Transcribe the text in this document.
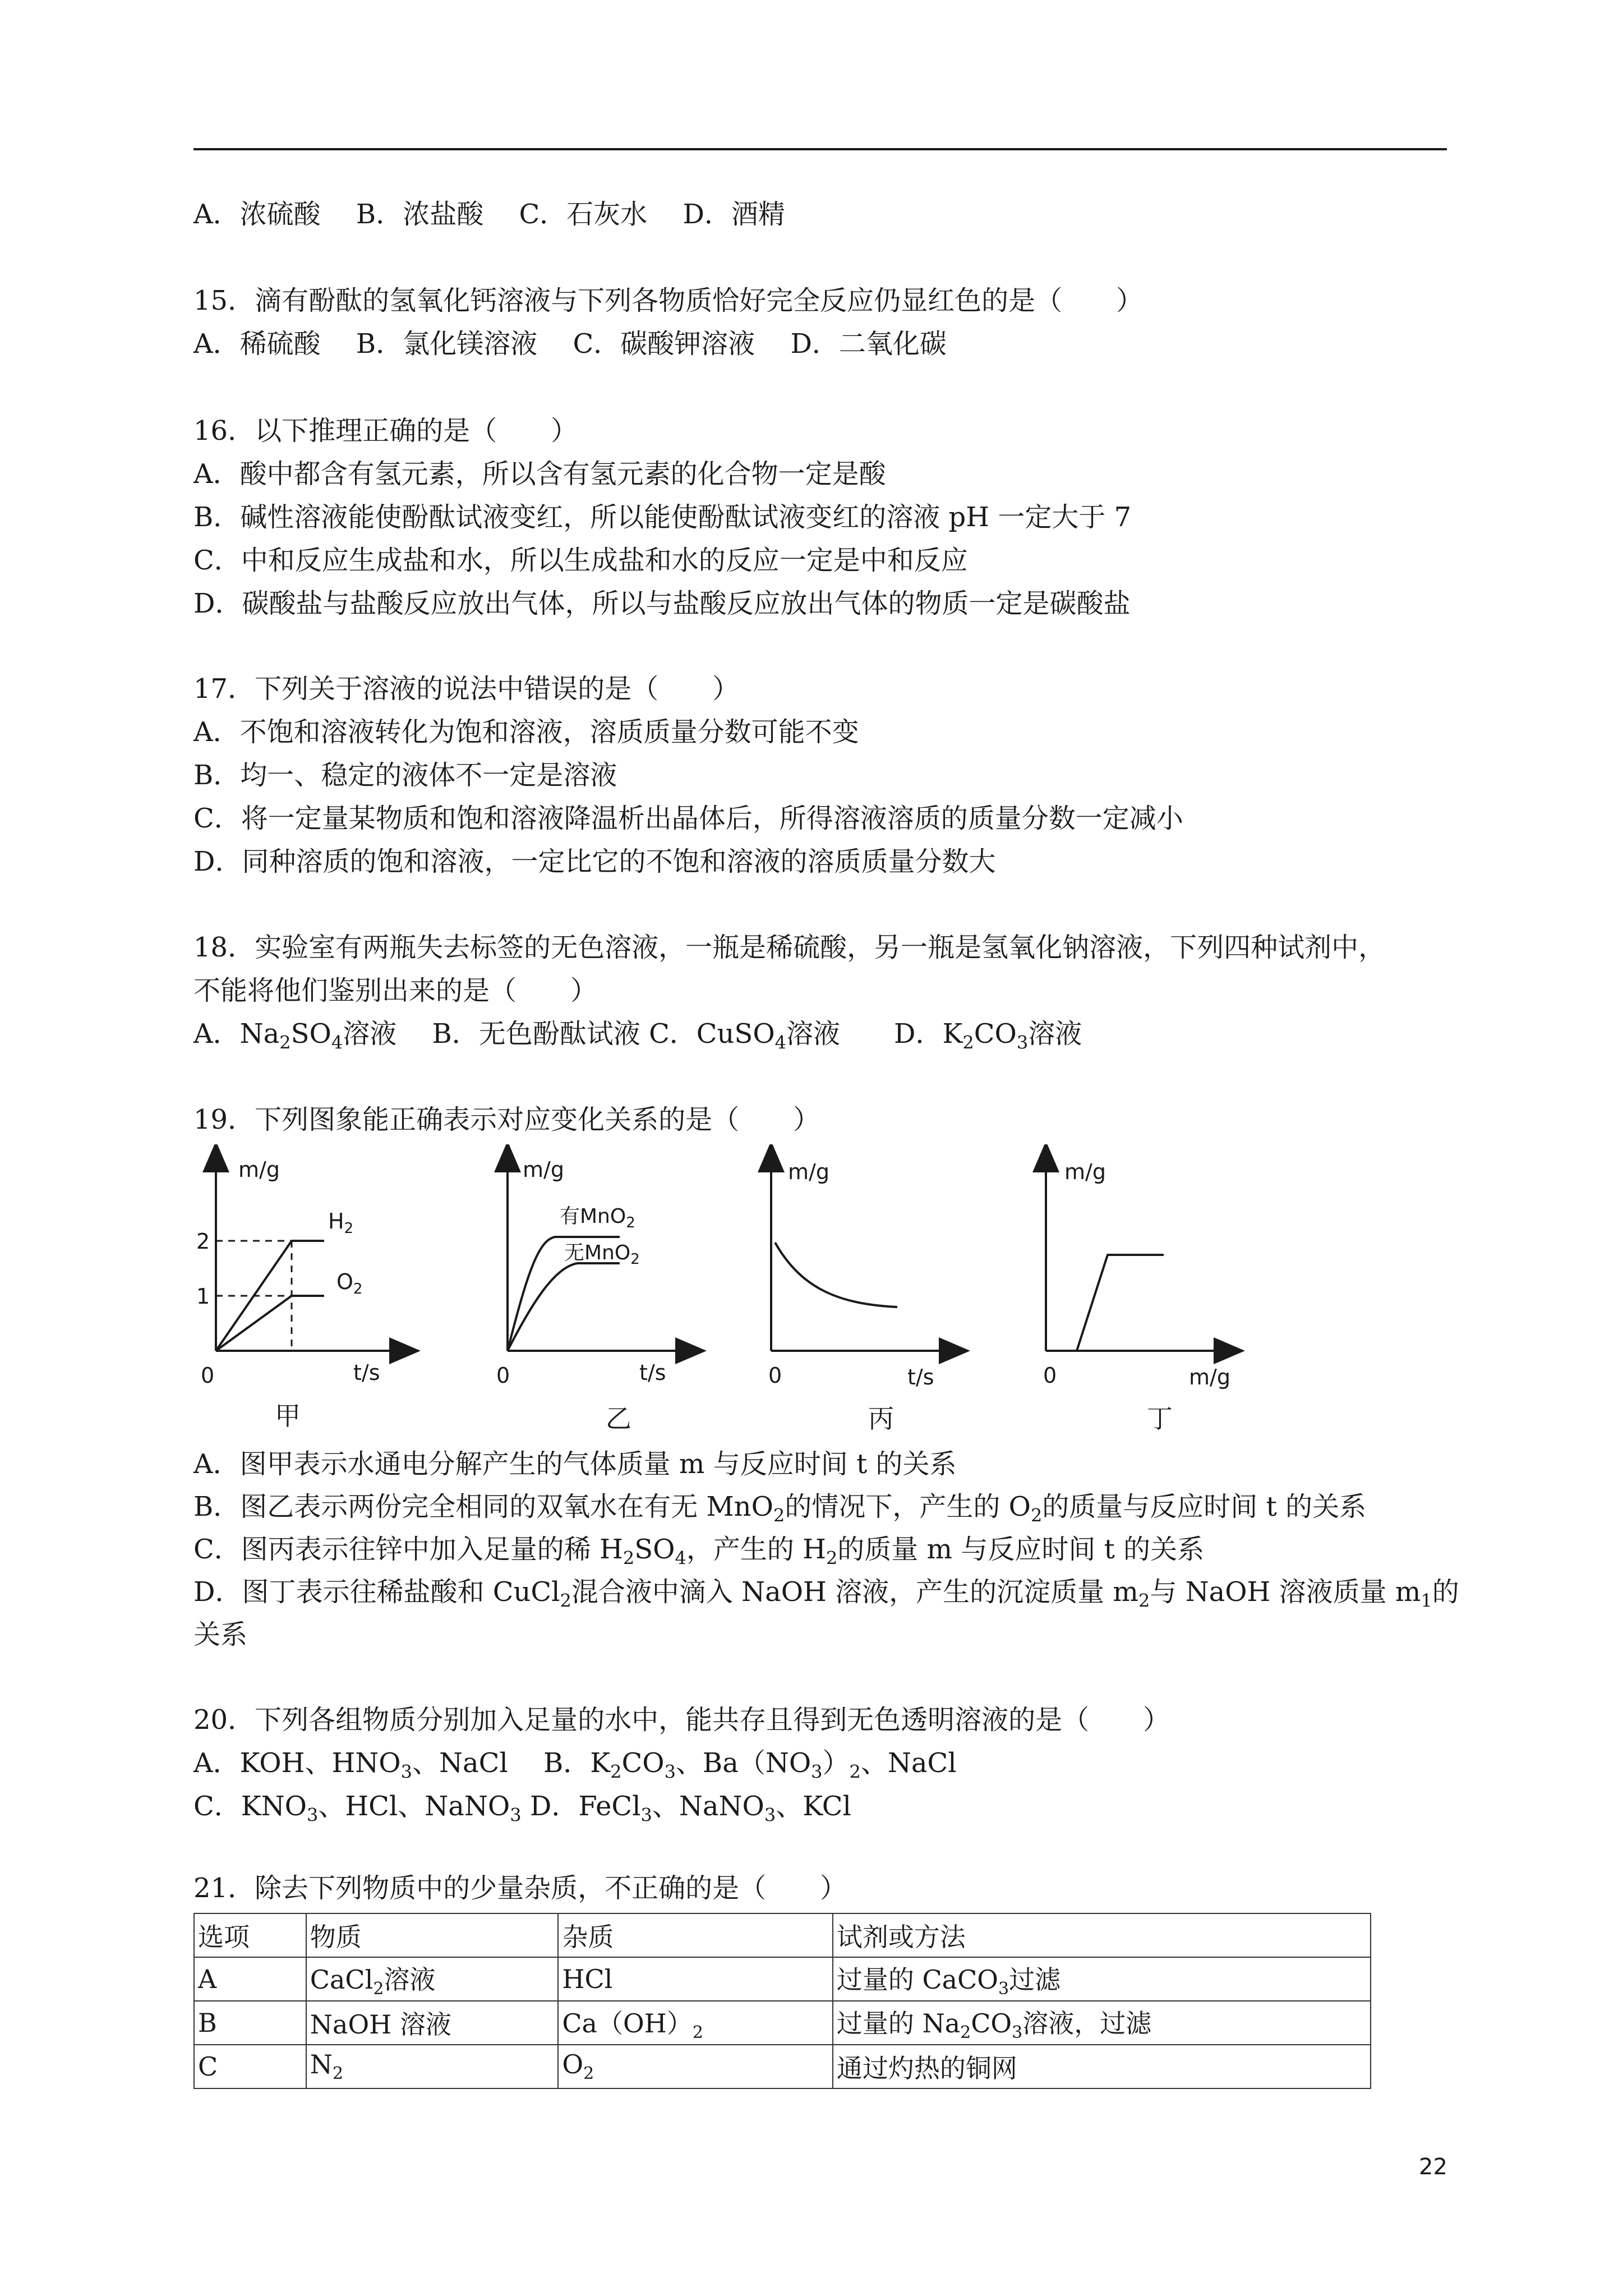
A．浓硫酸　 B．浓盐酸　 C．石灰水　 D．酒精
15．滴有酚酞的氢氧化钙溶液与下列各物质恰好完全反应仍显红色的是（　　）
A．稀硫酸　 B．氯化镁溶液　 C．碳酸钾溶液　 D．二氧化碳
16．以下推理正确的是（　　）
A．酸中都含有氢元素，所以含有氢元素的化合物一定是酸
B．碱性溶液能使酚酞试液变红，所以能使酚酞试液变红的溶液 pH 一定大于 7
C．中和反应生成盐和水，所以生成盐和水的反应一定是中和反应
D．碳酸盐与盐酸反应放出气体，所以与盐酸反应放出气体的物质一定是碳酸盐
17．下列关于溶液的说法中错误的是（　　）
A．不饱和溶液转化为饱和溶液，溶质质量分数可能不变
B．均一、稳定的液体不一定是溶液
C．将一定量某物质和饱和溶液降温析出晶体后，所得溶液溶质的质量分数一定减小
D．同种溶质的饱和溶液，一定比它的不饱和溶液的溶质质量分数大
18．实验室有两瓶失去标签的无色溶液，一瓶是稀硫酸，另一瓶是氢氧化钠溶液，下列四种试剂中，
不能将他们鉴别出来的是（　　）
A．$Na_2SO_4$溶液　 B．无色酚酞试液 C．CuSO$_4$溶液　　D．$K_2CO_3$溶液
19．下列图象能正确表示对应变化关系的是（　　）
m/g
2
1
0	t/s
$H_2$
$O_2$
m/g
0	t/s
有MnO$_2$
无MnO$_2$
m/g
0	t/s
m/g
0	m/g
甲	乙	丙	丁
A．图甲表示水通电分解产生的气体质量 m 与反应时间 t 的关系
B．图乙表示两份完全相同的双氧水在有无 MnO$_2$的情况下，产生的 $O_2$的质量与反应时间 t 的关系
C．图丙表示往锌中加入足量的稀 $H_2SO_4$，产生的 $H_2$的质量 m 与反应时间 t 的关系
D．图丁表示往稀盐酸和 CuCl$_2$混合液中滴入 NaOH 溶液，产生的沉淀质量 $m_2$与 NaOH 溶液质量 $m_1$的
关系
20．下列各组物质分别加入足量的水中，能共存且得到无色透明溶液的是（　　）
A．KOH、$HNO_3$、NaCl　 B．$K_2CO_3$、$Ba(NO_3)_2$、NaCl
C．$KNO_3$、HCl、NaNO$_3$ D．FeCl$_3$、NaNO$_3$、KCl
21．除去下列物质中的少量杂质，不正确的是（　　）
选项	物质	杂质	试剂或方法
A	CaCl$_2$溶液	HCl	过量的 CaCO$_3$过滤
B	NaOH 溶液	$Ca(OH)_2$	过量的 $Na_2CO_3$溶液，过滤
C	$N_2$	$O_2$	通过灼热的铜网
22
